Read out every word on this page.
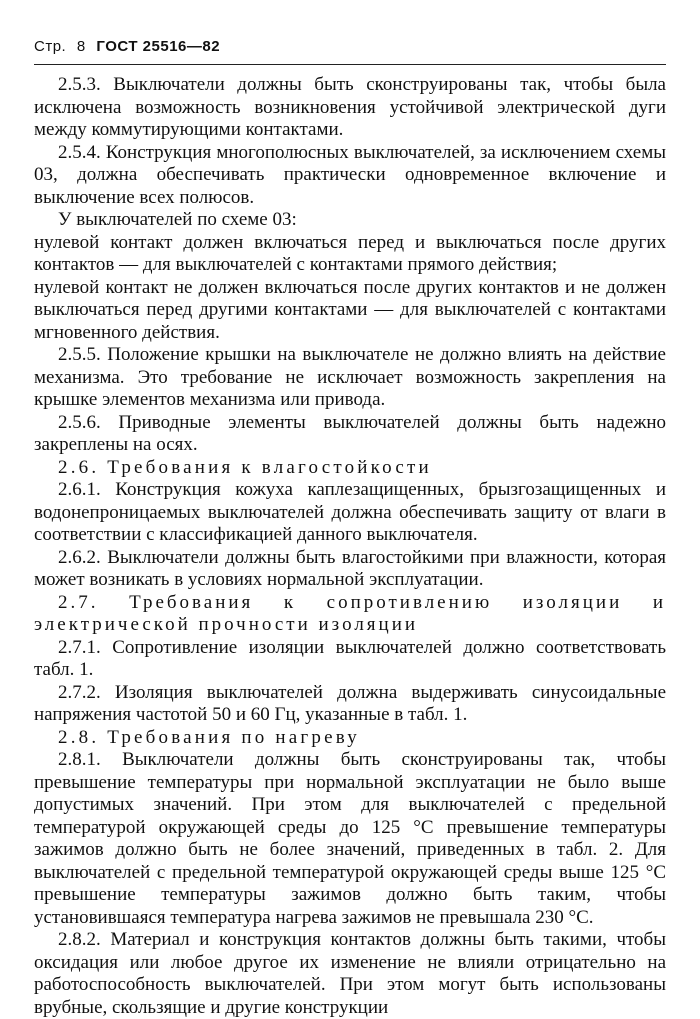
Стр. 8 ГОСТ 25516—82

2.5.3. Выключатели должны быть сконструированы так, чтобы была исключена возможность возникновения устойчивой электрической дуги между коммутирующими контактами.

2.5.4. Конструкция многополюсных выключателей, за исключением схемы 03, должна обеспечивать практически одновременное включение и выключение всех полюсов.

У выключателей по схеме 03:

нулевой контакт должен включаться перед и выключаться после других контактов — для выключателей с контактами прямого действия;

нулевой контакт не должен включаться после других контактов и не должен выключаться перед другими контактами — для выключателей с контактами мгновенного действия.

2.5.5. Положение крышки на выключателе не должно влиять на действие механизма. Это требование не исключает возможность закрепления на крышке элементов механизма или привода.

2.5.6. Приводные элементы выключателей должны быть надежно закреплены на осях.

2.6. Требования к влагостойкости

2.6.1. Конструкция кожуха каплезащищенных, брызгозащищенных и водонепроницаемых выключателей должна обеспечивать защиту от влаги в соответствии с классификацией данного выключателя.

2.6.2. Выключатели должны быть влагостойкими при влажности, которая может возникать в условиях нормальной эксплуатации.

2.7. Требования к сопротивлению изоляции и электрической прочности изоляции

2.7.1. Сопротивление изоляции выключателей должно соответствовать табл. 1.

2.7.2. Изоляция выключателей должна выдерживать синусоидальные напряжения частотой 50 и 60 Гц, указанные в табл. 1.

2.8. Требования по нагреву

2.8.1. Выключатели должны быть сконструированы так, чтобы превышение температуры при нормальной эксплуатации не было выше допустимых значений. При этом для выключателей с предельной температурой окружающей среды до 125 °С превышение температуры зажимов должно быть не более значений, приведенных в табл. 2. Для выключателей с предельной температурой окружающей среды выше 125 °С превышение температуры зажимов должно быть таким, чтобы установившаяся температура нагрева зажимов не превышала 230 °С.

2.8.2. Материал и конструкция контактов должны быть такими, чтобы оксидация или любое другое их изменение не влияли отрицательно на работоспособность выключателей. При этом могут быть использованы врубные, скользящие и другие конструкции
